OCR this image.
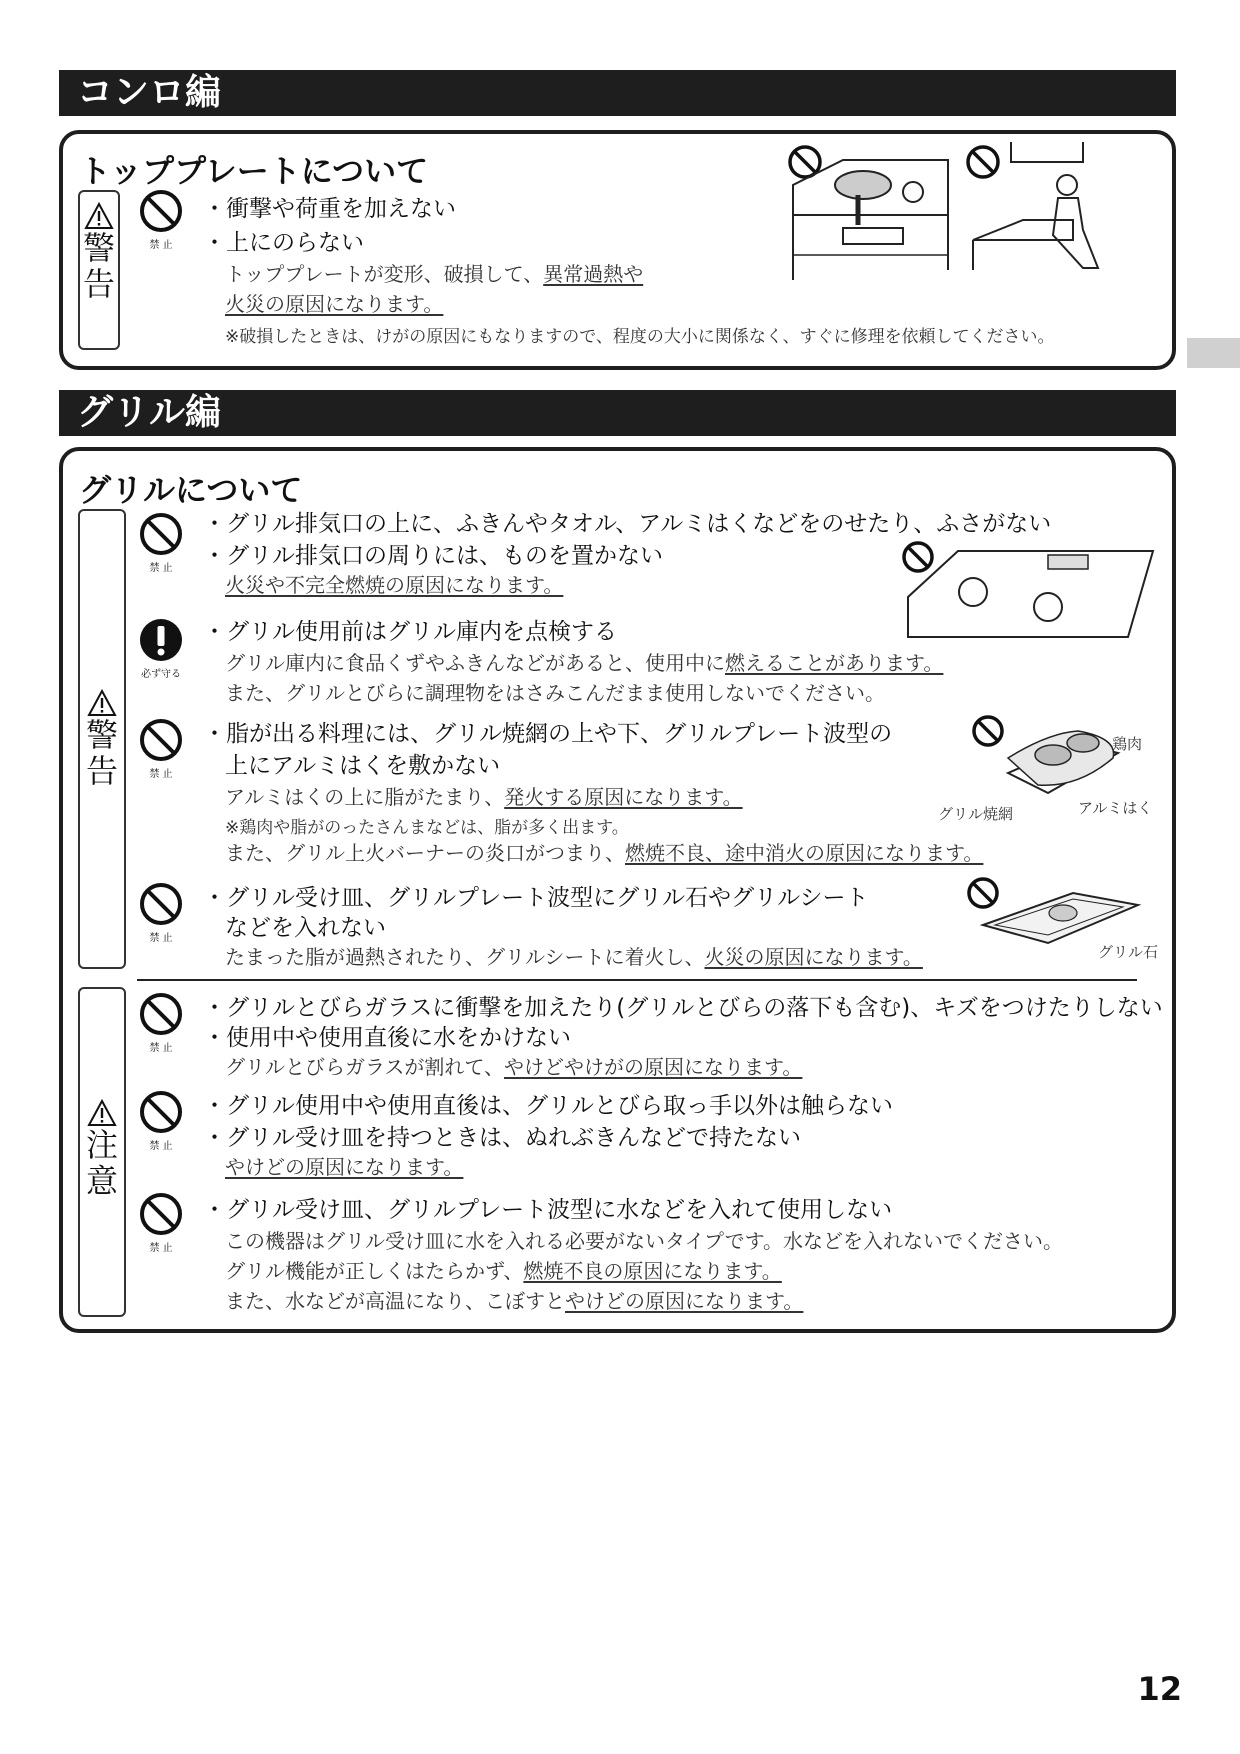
コンロ編
トッププレートについて
警
告
禁 止
・衝撃や荷重を加えない
・上にのらない
トッププレートが変形、破損して、異常過熱や
火災の原因になります。
※破損したときは、けがの原因にもなりますので、程度の大小に関係なく、すぐに修理を依頼してください。
グリル編
グリルについて
警
告
禁 止
・グリル排気口の上に、ふきんやタオル、アルミはくなどをのせたり、ふさがない
・グリル排気口の周りには、ものを置かない
火災や不完全燃焼の原因になります。
必ず守る
・グリル使用前はグリル庫内を点検する
グリル庫内に食品くずやふきんなどがあると、使用中に燃えることがあります。
また、グリルとびらに調理物をはさみこんだまま使用しないでください。
禁 止
・脂が出る料理には、グリル焼網の上や下、グリルプレート波型の
上にアルミはくを敷かない
アルミはくの上に脂がたまり、発火する原因になります。
※鶏肉や脂がのったさんまなどは、脂が多く出ます。
また、グリル上火バーナーの炎口がつまり、燃焼不良、途中消火の原因になります。
鶏肉
グリル焼網	アルミはく
禁 止
・グリル受け皿、グリルプレート波型にグリル石やグリルシート
などを入れない
たまった脂が過熱されたり、グリルシートに着火し、火災の原因になります。	グリル石
注
意
禁 止
・グリルとびらガラスに衝撃を加えたり(グリルとびらの落下も含む)、キズをつけたりしない
・使用中や使用直後に水をかけない
グリルとびらガラスが割れて、やけどやけがの原因になります。
禁 止
・グリル使用中や使用直後は、グリルとびら取っ手以外は触らない
・グリル受け皿を持つときは、ぬれぶきんなどで持たない
やけどの原因になります。
禁 止
・グリル受け皿、グリルプレート波型に水などを入れて使用しない
この機器はグリル受け皿に水を入れる必要がないタイプです。水などを入れないでください。
グリル機能が正しくはたらかず、燃焼不良の原因になります。
また、水などが高温になり、こぼすとやけどの原因になります。
12
